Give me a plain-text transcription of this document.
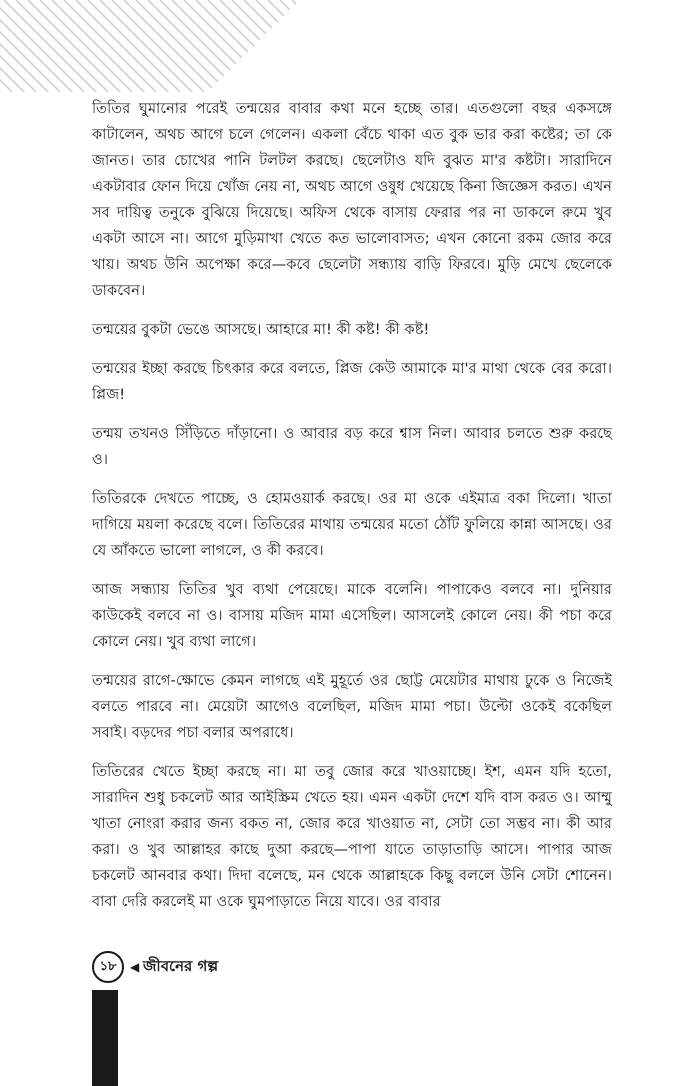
তিতির ঘুমানোর পরেই তন্ময়ের বাবার কথা মনে হচ্ছে তার। এতগুলো বছর একসঙ্গে কাটালেন, অথচ আগে চলে গেলেন। একলা বেঁচে থাকা এত বুক ভার করা কষ্টের; তা কে জানত। তার চোখের পানি টলটল করছে। ছেলেটাও যদি বুঝত মা'র কষ্টটা। সারাদিনে একটাবার ফোন দিয়ে খোঁজ নেয় না, অথচ আগে ওষুধ খেয়েছে কিনা জিজ্ঞেস করত। এখন সব দায়িত্ব তনুকে বুঝিয়ে দিয়েছে। অফিস থেকে বাসায় ফেরার পর না ডাকলে রুমে খুব একটা আসে না। আগে মুড়িমাখা খেতে কত ভালোবাসত; এখন কোনো রকম জোর করে খায়। অথচ উনি অপেক্ষা করে—কবে ছেলেটা সন্ধ্যায় বাড়ি ফিরবে। মুড়ি মেখে ছেলেকে ডাকবেন।

তন্ময়ের বুকটা ভেঙে আসছে। আহারে মা! কী কষ্ট! কী কষ্ট!

তন্ময়ের ইচ্ছা করছে চিৎকার করে বলতে, প্লিজ কেউ আমাকে মা'র মাথা থেকে বের করো। প্লিজ!

তন্ময় তখনও সিঁড়িতে দাঁড়ানো। ও আবার বড় করে শ্বাস নিল। আবার চলতে শুরু করছে ও।

তিতিরকে দেখতে পাচ্ছে, ও হোমওয়ার্ক করছে। ওর মা ওকে এইমাত্র বকা দিলো। খাতা দাগিয়ে ময়লা করেছে বলে। তিতিরের মাথায় তন্ময়ের মতো ঠোঁট ফুলিয়ে কান্না আসছে। ওর যে আঁকতে ভালো লাগলে, ও কী করবে।

আজ সন্ধ্যায় তিতির খুব ব্যথা পেয়েছে। মাকে বলেনি। পাপাকেও বলবে না। দুনিয়ার কাউকেই বলবে না ও। বাসায় মজিদ মামা এসেছিল। আসলেই কোলে নেয়। কী পচা করে কোলে নেয়। খুব ব্যথা লাগে।

তন্ময়ের রাগে-ক্ষোভে কেমন লাগছে এই মুহূর্তে ওর ছোট্ট মেয়েটার মাথায় ঢুকে ও নিজেই বলতে পারবে না। মেয়েটা আগেও বলেছিল, মজিদ মামা পচা। উল্টো ওকেই বকেছিল সবাই। বড়দের পচা বলার অপরাধে।

তিতিরের খেতে ইচ্ছা করছে না। মা তবু জোর করে খাওয়াচ্ছে। ইশ, এমন যদি হতো, সারাদিন শুধু চকলেট আর আইস্ক্রিম খেতে হয়। এমন একটা দেশে যদি বাস করত ও। আম্মু খাতা নোংরা করার জন্য বকত না, জোর করে খাওয়াত না, সেটা তো সম্ভব না। কী আর করা। ও খুব আল্লাহর কাছে দুআ করছে—পাপা যাতে তাড়াতাড়ি আসে। পাপার আজ চকলেট আনবার কথা। দিদা বলেছে, মন থেকে আল্লাহকে কিছু বললে উনি সেটা শোনেন। বাবা দেরি করলেই মা ওকে ঘুমপাড়াতে নিয়ে যাবে। ওর বাবার

১৮	◀ জীবনের গল্প
